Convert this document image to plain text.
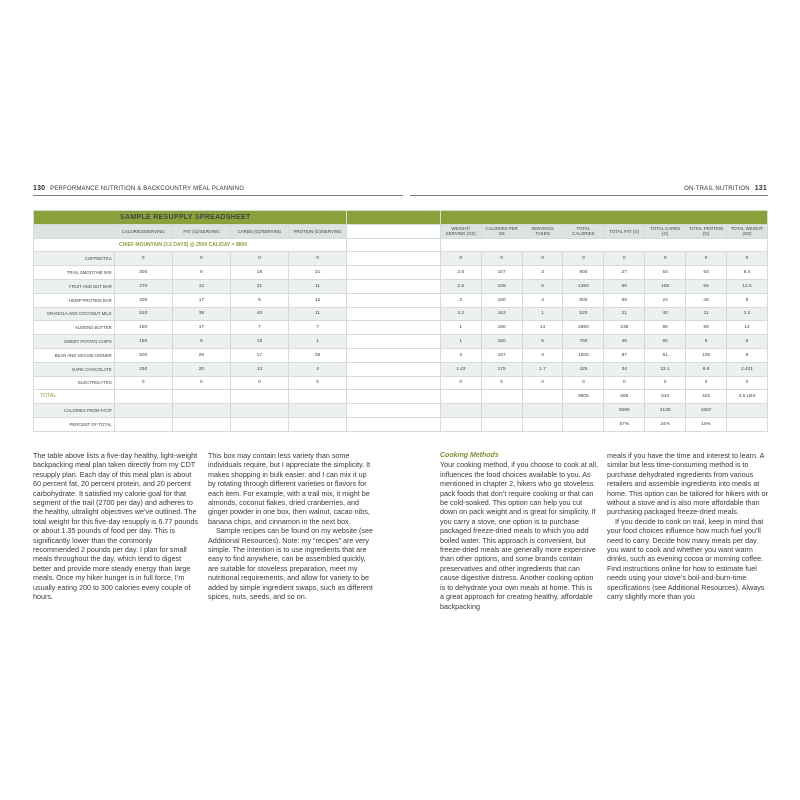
130 PERFORMANCE NUTRITION & BACKCOUNTRY MEAL PLANNING	ON-TRAIL NUTRITION 131
SAMPLE RESUPPLY SPREADSHEET													
	CALORIES/SERVING	FAT (G)/SERVING	CARBS (G)/SERVING	PROTEIN (G)/SERVING		WEIGHT/ SERVING (OZ)	CALORIES PER OZ	SERVINGS TAKEN	TOTAL CALORIES	TOTAL FAT (G)	TOTAL CARBS (G)	TOTAL PROTEIN (G)	TOTAL WEIGHT (OZ)
CHIEF MOUNTAIN (3.5 DAYS) @ 2500 CAL/DAY = 8800													
COFFEE/TEA	0	0	0	0		0	0	0	0	0	0	0	0
TRAIL SMOOTHIE MIX	300	9	18	31		2.8	107	3	900	27	54	93	8.4
FRUIT AND NUT BAR	270	12	31	11		2.5	108	5	1350	60	155	55	12.5
HEMP PROTEIN BAR	200	17	6	12		2	100	4	800	68	24	48	8
GRANOLA AND COCONUT MILK	520	38	40	11		3.2	163	1	520	21	40	11	3.2
ALMOND BUTTER	190	17	7	7		1	190	14	2660	238	98	98	14
SWEET POTATO CHIPS	150	9	18	1		1	150	5	750	45	90	5	5
BEAN AND VEGGIE DINNER	500	29	17	35		3	167	3	1500	87	51	105	9
DARK CHOCOLATE	250	20	13	4		1.43	175	1.7	425	34	22.1	6.8	2.431
ELECTROLYTES	0	0	0	0		0	0	0	0	0	0	0	0
TOTAL									8905	565	534	422	3.9 LBS
CALORIES FROM F/C/P										5085	2136	1687	
PERCENT OF TOTAL										57%	24%	19%	

The table above lists a five-day healthy, light-weight backpacking meal plan taken directly from my CDT resupply plan. Each day of this meal plan is about 60 percent fat, 20 percent protein, and 20 percent carbohydrate. It satisfied my calorie goal for that segment of the trail (2700 per day) and adheres to the healthy, ultralight objectives we’ve outlined. The total weight for this five-day resupply is 6.77 pounds or about 1.35 pounds of food per day. This is significantly lower than the commonly recommended 2 pounds per day. I plan for small meals throughout the day, which tend to digest better and provide more steady energy than large meals. Once my hiker hunger is in full force, I’m usually eating 200 to 300 calories every couple of hours.

This box may contain less variety than some individuals require, but I appreciate the simplicity. It makes shopping in bulk easier, and I can mix it up by rotating through different varieties or flavors for each item. For example, with a trail mix, it might be almonds, coconut flakes, dried cranberries, and ginger powder in one box, then walnut, cacao nibs, banana chips, and cinnamon in the next box.

Sample recipes can be found on my website (see Additional Resources). Note: my “recipes” are very simple. The intention is to use ingredients that are easy to find anywhere, can be assembled quickly, are suitable for stoveless preparation, meet my nutritional requirements, and allow for variety to be added by simple ingredient swaps, such as different spices, nuts, seeds, and so on.

Cooking Methods

Your cooking method, if you choose to cook at all, influences the food choices available to you. As mentioned in chapter 2, hikers who go stoveless pack foods that don’t require cooking or that can be cold-soaked. This option can help you cut down on pack weight and is great for simplicity. If you carry a stove, one option is to purchase packaged freeze-dried meals to which you add boiled water. This approach is convenient, but freeze-dried meals are generally more expensive than other options, and some brands contain preservatives and other ingredients that can cause digestive distress. Another cooking option is to dehydrate your own meals at home. This is a great approach for creating healthy, affordable backpacking

meals if you have the time and interest to learn. A similar but less time-consuming method is to purchase dehydrated ingredients from various retailers and assemble ingredients into meals at home. This option can be tailored for hikers with or without a stove and is also more affordable than purchasing packaged freeze-dried meals.

If you decide to cook on trail, keep in mind that your food choices influence how much fuel you’ll need to carry. Decide how many meals per day you want to cook and whether you want warm drinks, such as evening cocoa or morning coffee. Find instructions online for how to estimate fuel needs using your stove’s boil-and-burn-time specifications (see Additional Resources). Always carry slightly more than you
